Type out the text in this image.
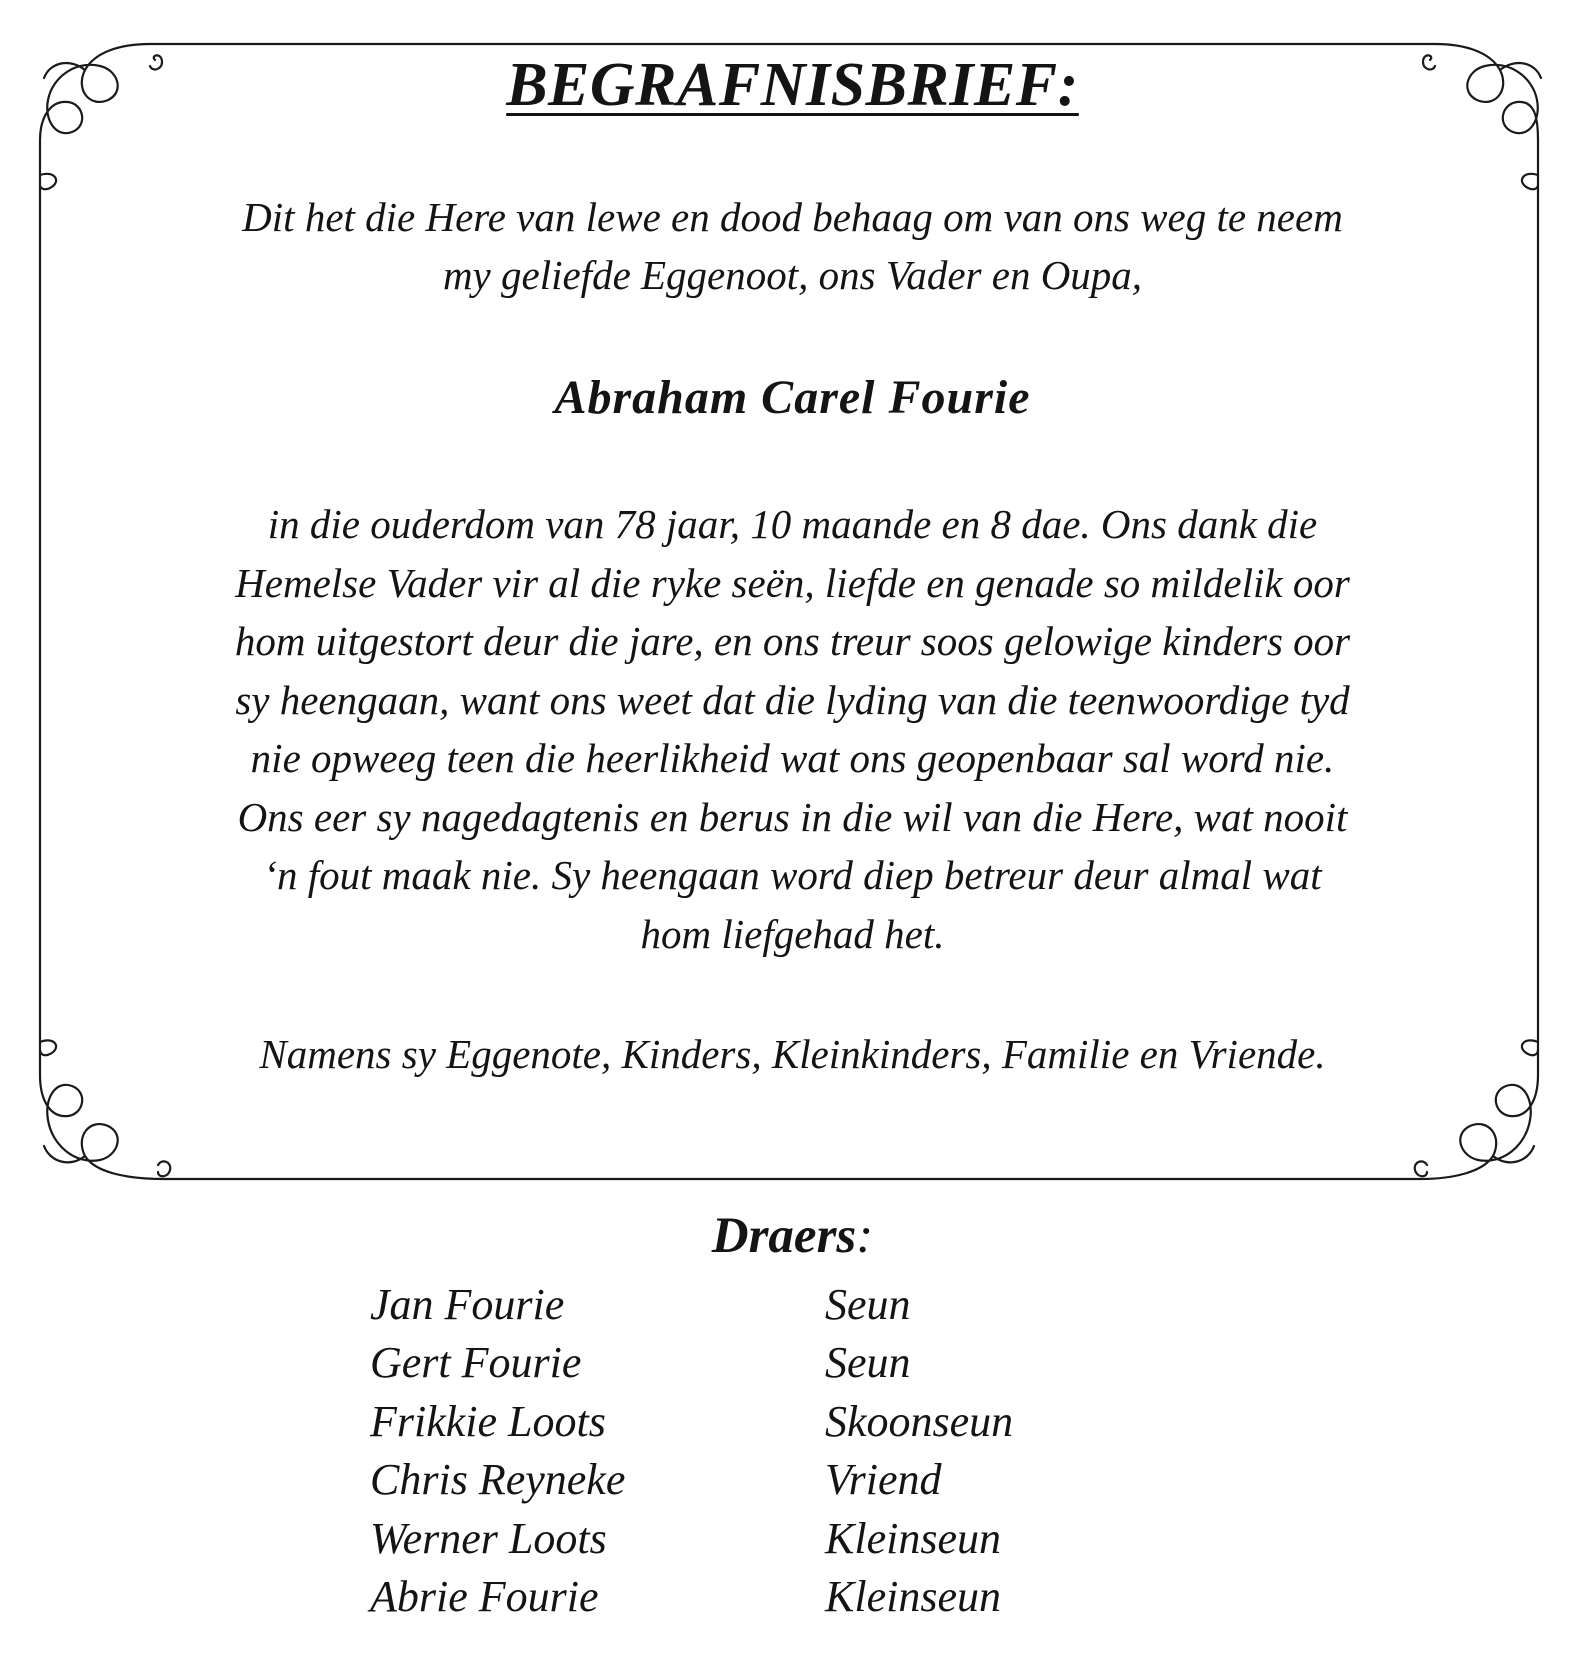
BEGRAFNISBRIEF:
Dit het die Here van lewe en dood behaag om van ons weg te neem
my geliefde Eggenoot, ons Vader en Oupa,
Abraham Carel Fourie
in die ouderdom van 78 jaar, 10 maande en 8 dae. Ons dank die
Hemelse Vader vir al die ryke seën, liefde en genade so mildelik oor
hom uitgestort deur die jare, en ons treur soos gelowige kinders oor
sy heengaan, want ons weet dat die lyding van die teenwoordige tyd
nie opweeg teen die heerlikheid wat ons geopenbaar sal word nie.
Ons eer sy nagedagtenis en berus in die wil van die Here, wat nooit
‘n fout maak nie. Sy heengaan word diep betreur deur almal wat
hom liefgehad het.
Namens sy Eggenote, Kinders, Kleinkinders, Familie en Vriende.
Draers:
Jan Fourie	Seun
Gert Fourie	Seun
Frikkie Loots	Skoonseun
Chris Reyneke	Vriend
Werner Loots	Kleinseun
Abrie Fourie	Kleinseun
